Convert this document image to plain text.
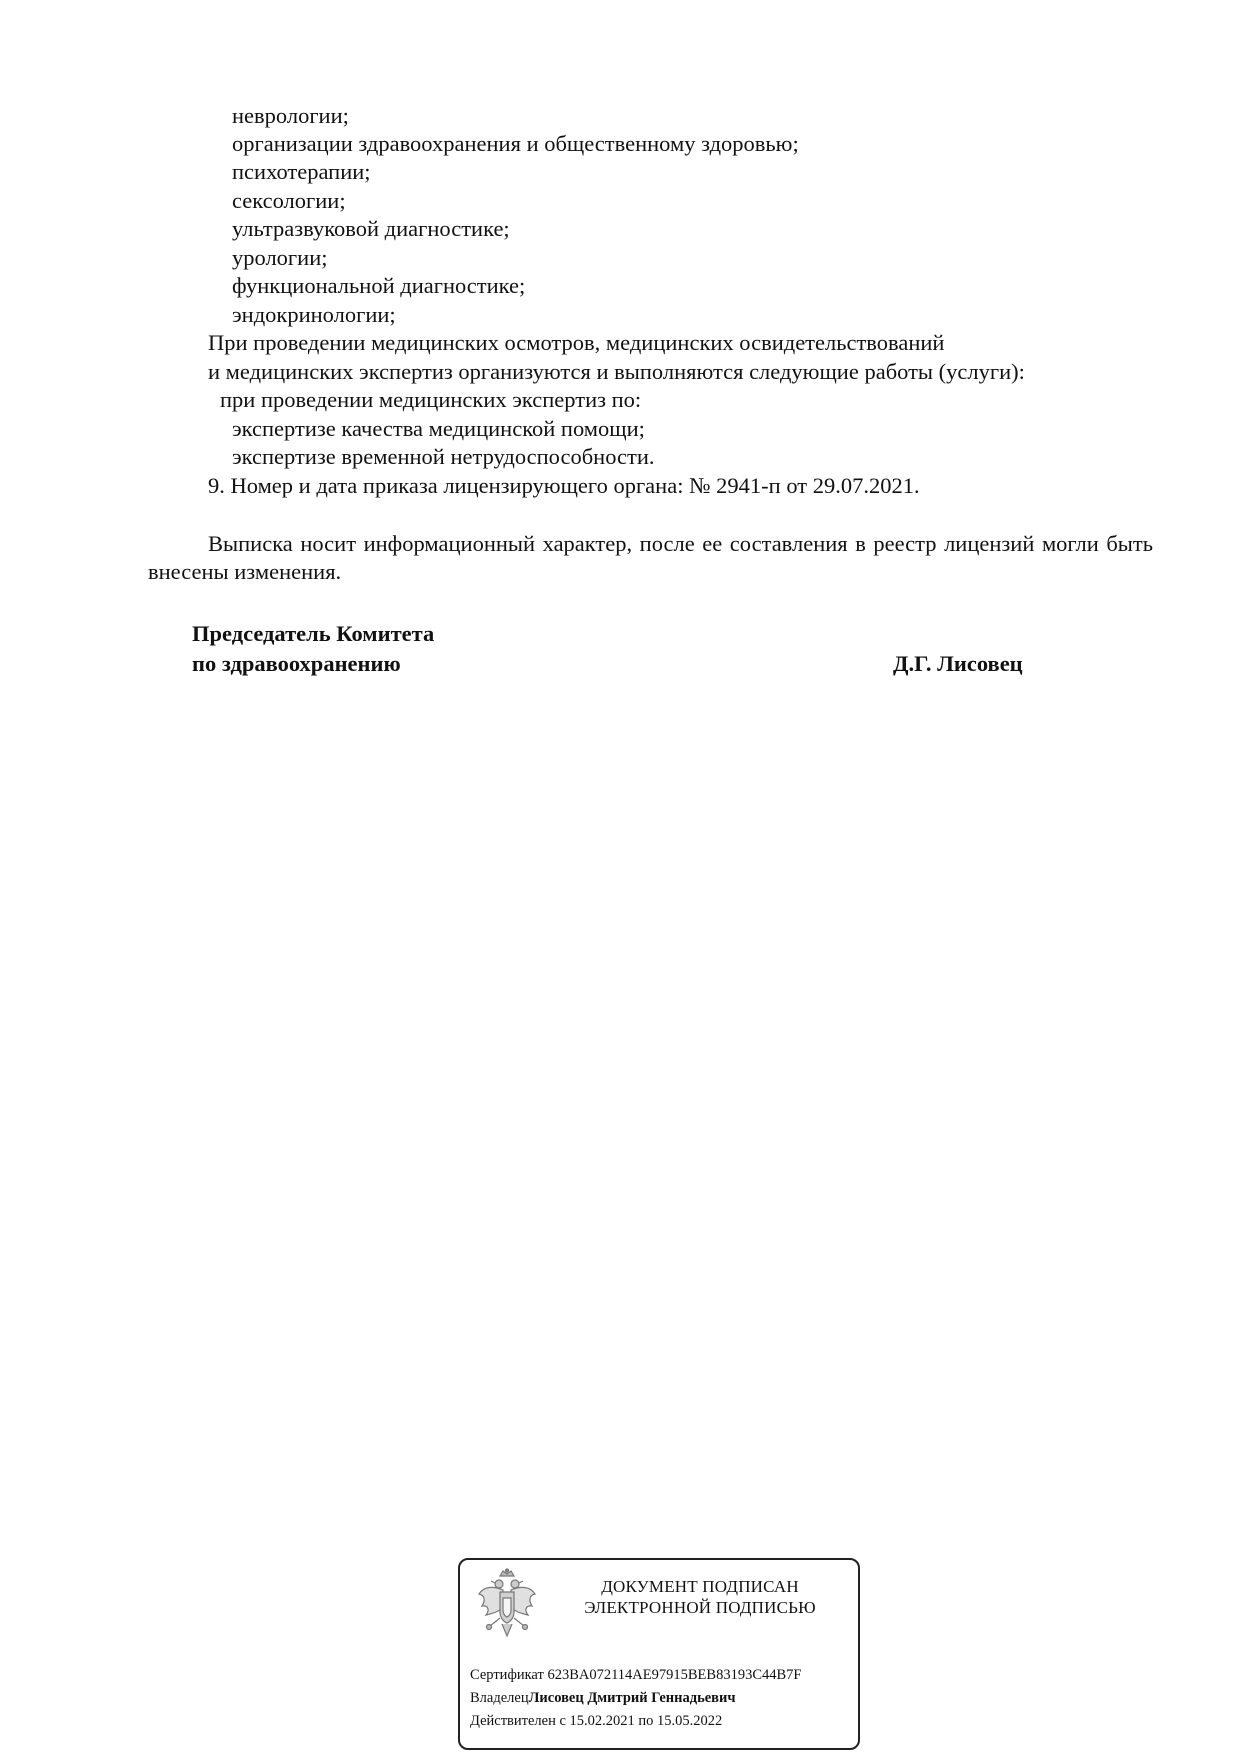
неврологии;
организации здравоохранения и общественному здоровью;
психотерапии;
сексологии;
ультразвуковой диагностике;
урологии;
функциональной диагностике;
эндокринологии;
При проведении медицинских осмотров, медицинских освидетельствований
и медицинских экспертиз организуются и выполняются следующие работы (услуги):
при проведении медицинских экспертиз по:
экспертизе качества медицинской помощи;
экспертизе временной нетрудоспособности.
9. Номер и дата приказа лицензирующего органа: № 2941-п от 29.07.2021.
Выписка носит информационный характер, после ее составления в реестр лицензий могли быть внесены изменения.
Председатель Комитета
по здравоохранению	Д.Г. Лисовец
ДОКУМЕНТ ПОДПИСАН
ЭЛЕКТРОННОЙ ПОДПИСЬЮ
Сертификат 623BA072114AE97915BEB83193C44B7F
ВладелецЛисовец Дмитрий Геннадьевич
Действителен с 15.02.2021 по 15.05.2022
